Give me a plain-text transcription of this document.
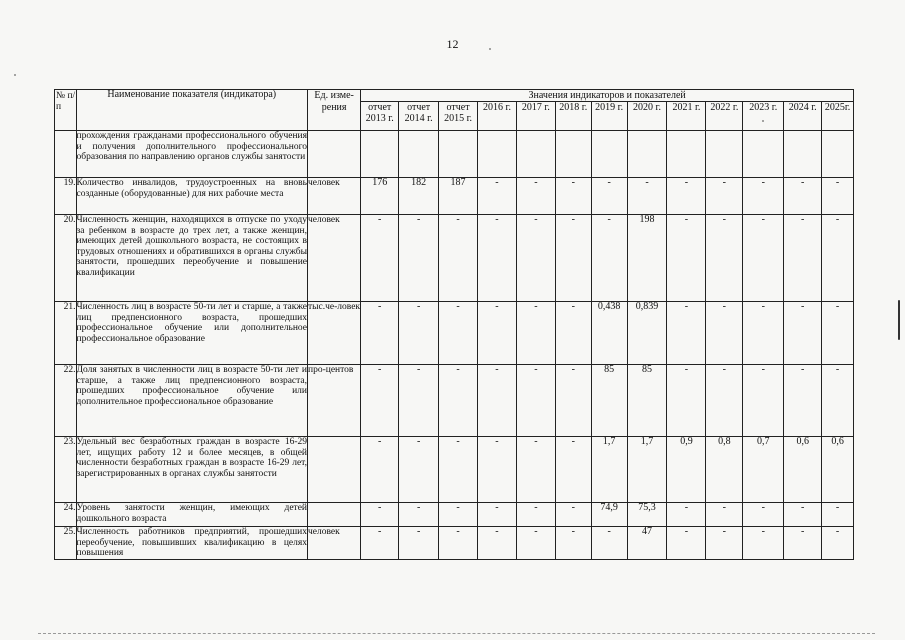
12
№ п/п	Наименование показателя (индикатора)	Ед. изме-рения	Значения индикаторов и показателей												
			отчет 2013 г.	отчет 2014 г.	отчет 2015 г.	2016 г.	2017 г.	2018 г.	2019 г.	2020 г.	2021 г.	2022 г.	2023 г.	2024 г.	2025г.
	прохождения гражданами профессионального обучения и получения дополнительного профессионального образования по направлению органов службы занятости														
19.	Количество инвалидов, трудоустроенных на вновь созданные (оборудованные) для них рабочие места	человек	176	182	187	-	-	-	-	-	-	-	-	-	-
20.	Численность женщин, находящихся в отпуске по уходу за ребенком в возрасте до трех лет, а также женщин, имеющих детей дошкольного возраста, не состоящих в трудовых отношениях и обратившихся в органы службы занятости, прошедших переобучение и повышение квалификации	человек	-	-	-	-	-	-	-	198	-	-	-	-	-
21.	Численность лиц в возрасте 50-ти лет и старше, а также лиц предпенсионного возраста, прошедших профессиональное обучение или дополнительное профессиональное образование	тыс.че-ловек	-	-	-	-	-	-	0,438	0,839	-	-	-	-	-
22.	Доля занятых в численности лиц в возрасте 50-ти лет и старше, а также лиц предпенсионного возраста, прошедших профессиональное обучение или дополнительное профессиональное образование	про-центов	-	-	-	-	-	-	85	85	-	-	-	-	-
23.	Удельный вес безработных граждан в возрасте 16-29 лет, ищущих работу 12 и более месяцев, в общей численности безработных граждан в возрасте 16-29 лет, зарегистрированных в органах службы занятости		-	-	-	-	-	-	1,7	1,7	0,9	0,8	0,7	0,6	0,6
24.	Уровень занятости женщин, имеющих детей дошкольного возраста		-	-	-	-	-	-	74,9	75,3	-	-	-	-	-
25.	Численность работников предприятий, прошедших переобучение, повышивших квалификацию в целях повышения	человек	-	-	-	-	-	-	-	47	-	-	-	-	-
